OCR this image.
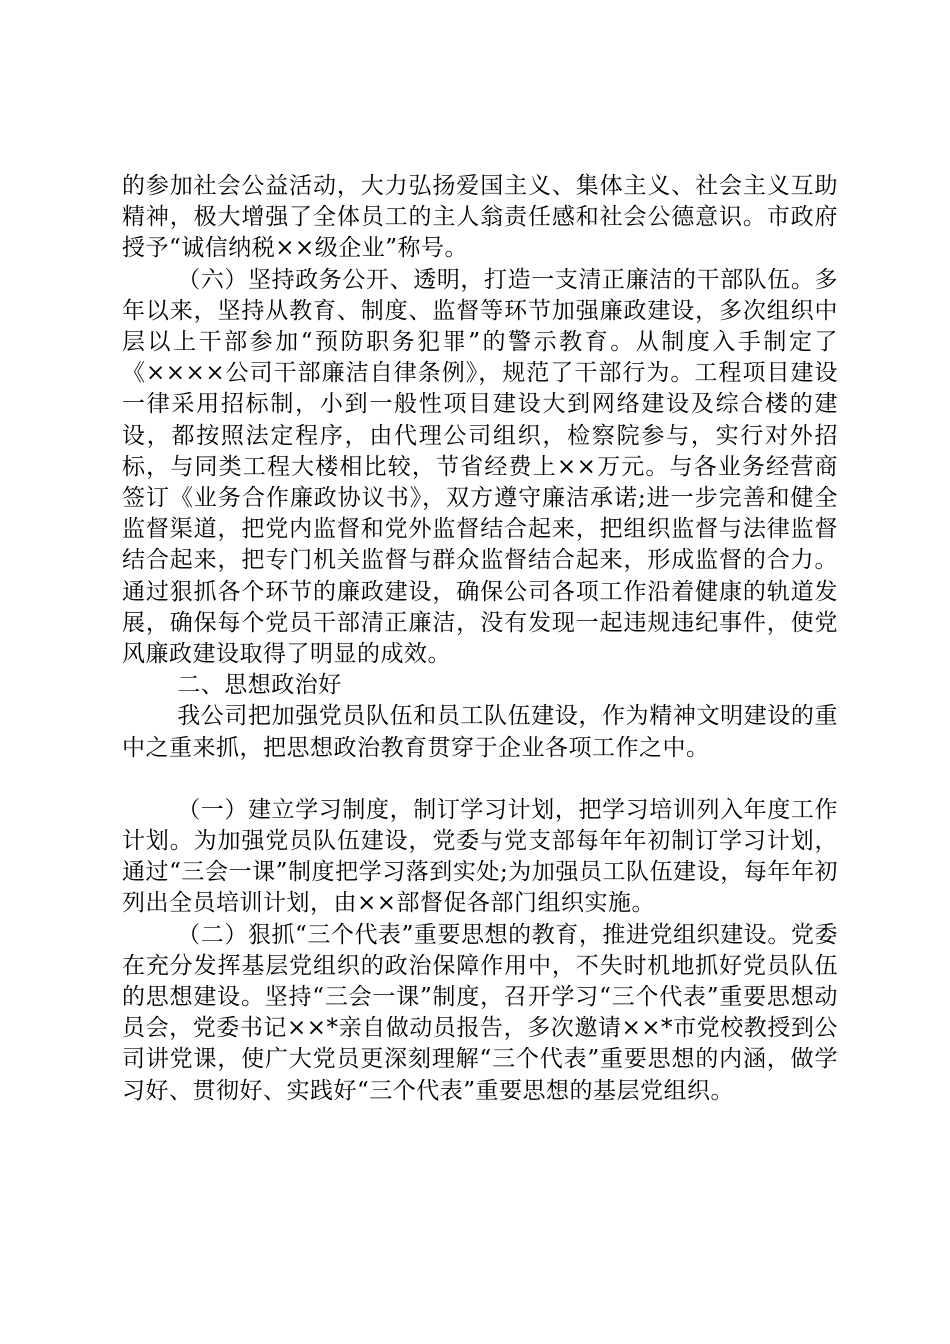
的参加社会公益活动，大力弘扬爱国主义、集体主义、社会主义互助精神，极大增强了全体员工的主人翁责任感和社会公德意识。市政府授予“诚信纳税××级企业”称号。

（六）坚持政务公开、透明，打造一支清正廉洁的干部队伍。多年以来，坚持从教育、制度、监督等环节加强廉政建设，多次组织中层以上干部参加“预防职务犯罪”的警示教育。从制度入手制定了《××××公司干部廉洁自律条例》，规范了干部行为。工程项目建设一律采用招标制，小到一般性项目建设大到网络建设及综合楼的建设，都按照法定程序，由代理公司组织，检察院参与，实行对外招标，与同类工程大楼相比较，节省经费上××万元。与各业务经营商签订《业务合作廉政协议书》，双方遵守廉洁承诺;进一步完善和健全监督渠道，把党内监督和党外监督结合起来，把组织监督与法律监督结合起来，把专门机关监督与群众监督结合起来，形成监督的合力。通过狠抓各个环节的廉政建设，确保公司各项工作沿着健康的轨道发展，确保每个党员干部清正廉洁，没有发现一起违规违纪事件，使党风廉政建设取得了明显的成效。

二、思想政治好

我公司把加强党员队伍和员工队伍建设，作为精神文明建设的重中之重来抓，把思想政治教育贯穿于企业各项工作之中。

（一）建立学习制度，制订学习计划，把学习培训列入年度工作计划。为加强党员队伍建设，党委与党支部每年年初制订学习计划，通过“三会一课”制度把学习落到实处;为加强员工队伍建设，每年年初列出全员培训计划，由××部督促各部门组织实施。

（二）狠抓“三个代表”重要思想的教育，推进党组织建设。党委在充分发挥基层党组织的政治保障作用中，不失时机地抓好党员队伍的思想建设。坚持“三会一课”制度，召开学习“三个代表”重要思想动员会，党委书记××*亲自做动员报告，多次邀请××*市党校教授到公司讲党课，使广大党员更深刻理解“三个代表”重要思想的内涵，做学习好、贯彻好、实践好“三个代表”重要思想的基层党组织。
